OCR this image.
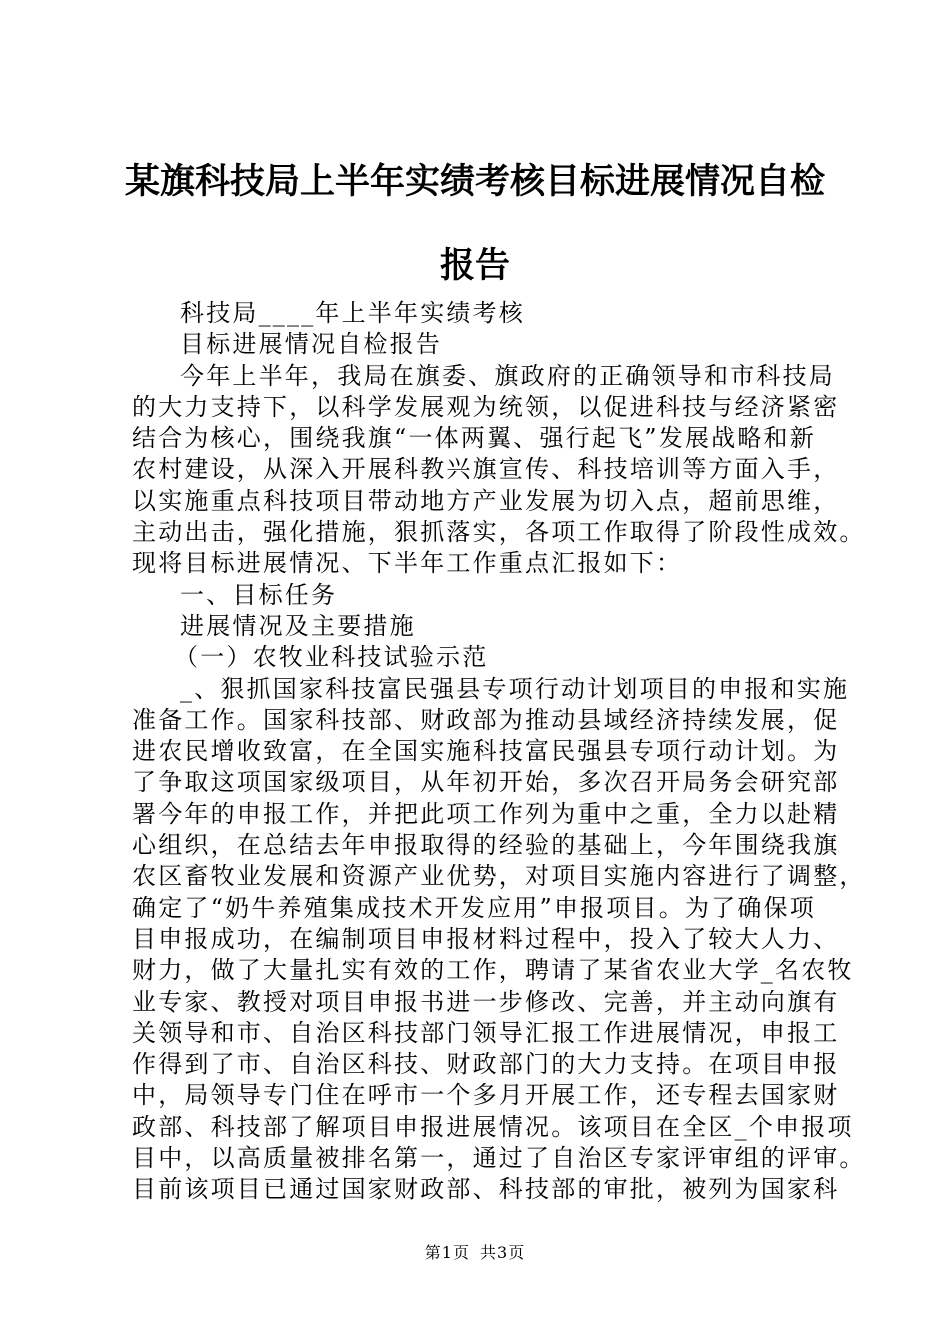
某旗科技局上半年实绩考核目标进展情况自检
报告

科技局____年上半年实绩考核

目标进展情况自检报告

今年上半年，我局在旗委、旗政府的正确领导和市科技局

的大力支持下，以科学发展观为统领，以促进科技与经济紧密

结合为核心，围绕我旗“一体两翼、强行起飞”发展战略和新

农村建设，从深入开展科教兴旗宣传、科技培训等方面入手，

以实施重点科技项目带动地方产业发展为切入点，超前思维，

主动出击，强化措施，狠抓落实，各项工作取得了阶段性成效。

现将目标进展情况、下半年工作重点汇报如下：

一、目标任务

进展情况及主要措施

（一）农牧业科技试验示范

_、狠抓国家科技富民强县专项行动计划项目的申报和实施

准备工作。国家科技部、财政部为推动县域经济持续发展，促

进农民增收致富，在全国实施科技富民强县专项行动计划。为

了争取这项国家级项目，从年初开始，多次召开局务会研究部

署今年的申报工作，并把此项工作列为重中之重，全力以赴精

心组织，在总结去年申报取得的经验的基础上，今年围绕我旗

农区畜牧业发展和资源产业优势，对项目实施内容进行了调整，

确定了“奶牛养殖集成技术开发应用”申报项目。为了确保项

目申报成功，在编制项目申报材料过程中，投入了较大人力、

财力，做了大量扎实有效的工作，聘请了某省农业大学_名农牧

业专家、教授对项目申报书进一步修改、完善，并主动向旗有

关领导和市、自治区科技部门领导汇报工作进展情况，申报工

作得到了市、自治区科技、财政部门的大力支持。在项目申报

中，局领导专门住在呼市一个多月开展工作，还专程去国家财

政部、科技部了解项目申报进展情况。该项目在全区_个申报项

目中，以高质量被排名第一，通过了自治区专家评审组的评审。

目前该项目已通过国家财政部、科技部的审批，被列为国家科

第1页 共3页
